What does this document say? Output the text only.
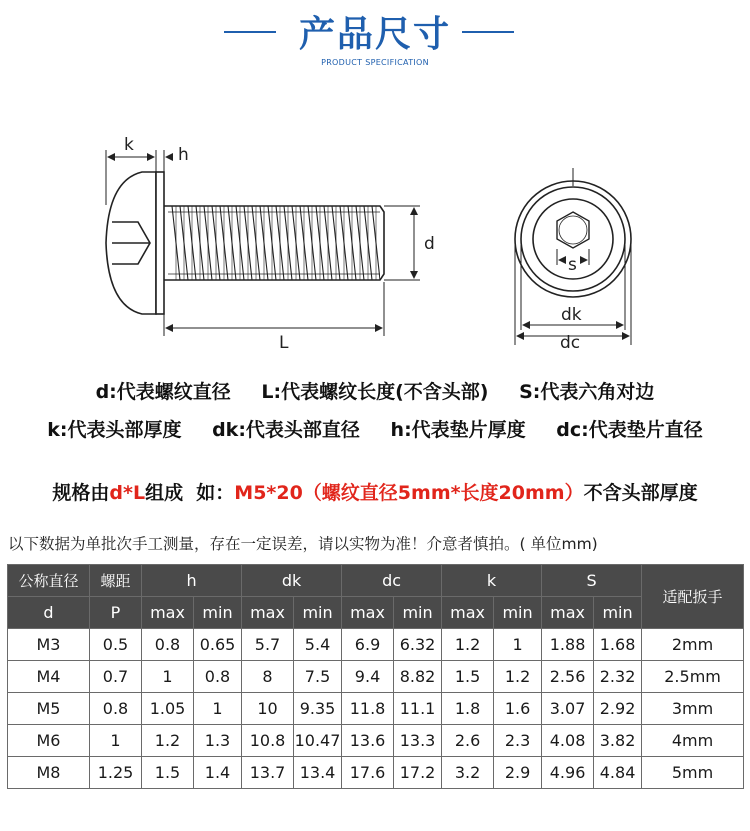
产品尺寸
PRODUCT SPECIFICATION
k	h
d
L
s
dk
dc
d:代表螺纹直径 L:代表螺纹长度(不含头部) S:代表六角对边
k:代表头部厚度 dk:代表头部直径 h:代表垫片厚度 dc:代表垫片直径
规格由d*L组成  如：M5*20（螺纹直径5mm*长度20mm）不含头部厚度
以下数据为单批次手工测量，存在一定误差，请以实物为准！介意者慎拍。( 单位mm)
公称直径	螺距	h		dk		dc		k		S		适配扳手
d	P	max	min	max	min	max	min	max	min	max	min	
M3	0.5	0.8	0.65	5.7	5.4	6.9	6.32	1.2	1	1.88	1.68	2mm
M4	0.7	1	0.8	8	7.5	9.4	8.82	1.5	1.2	2.56	2.32	2.5mm
M5	0.8	1.05	1	10	9.35	11.8	11.1	1.8	1.6	3.07	2.92	3mm
M6	1	1.2	1.3	10.8	10.47	13.6	13.3	2.6	2.3	4.08	3.82	4mm
M8	1.25	1.5	1.4	13.7	13.4	17.6	17.2	3.2	2.9	4.96	4.84	5mm
